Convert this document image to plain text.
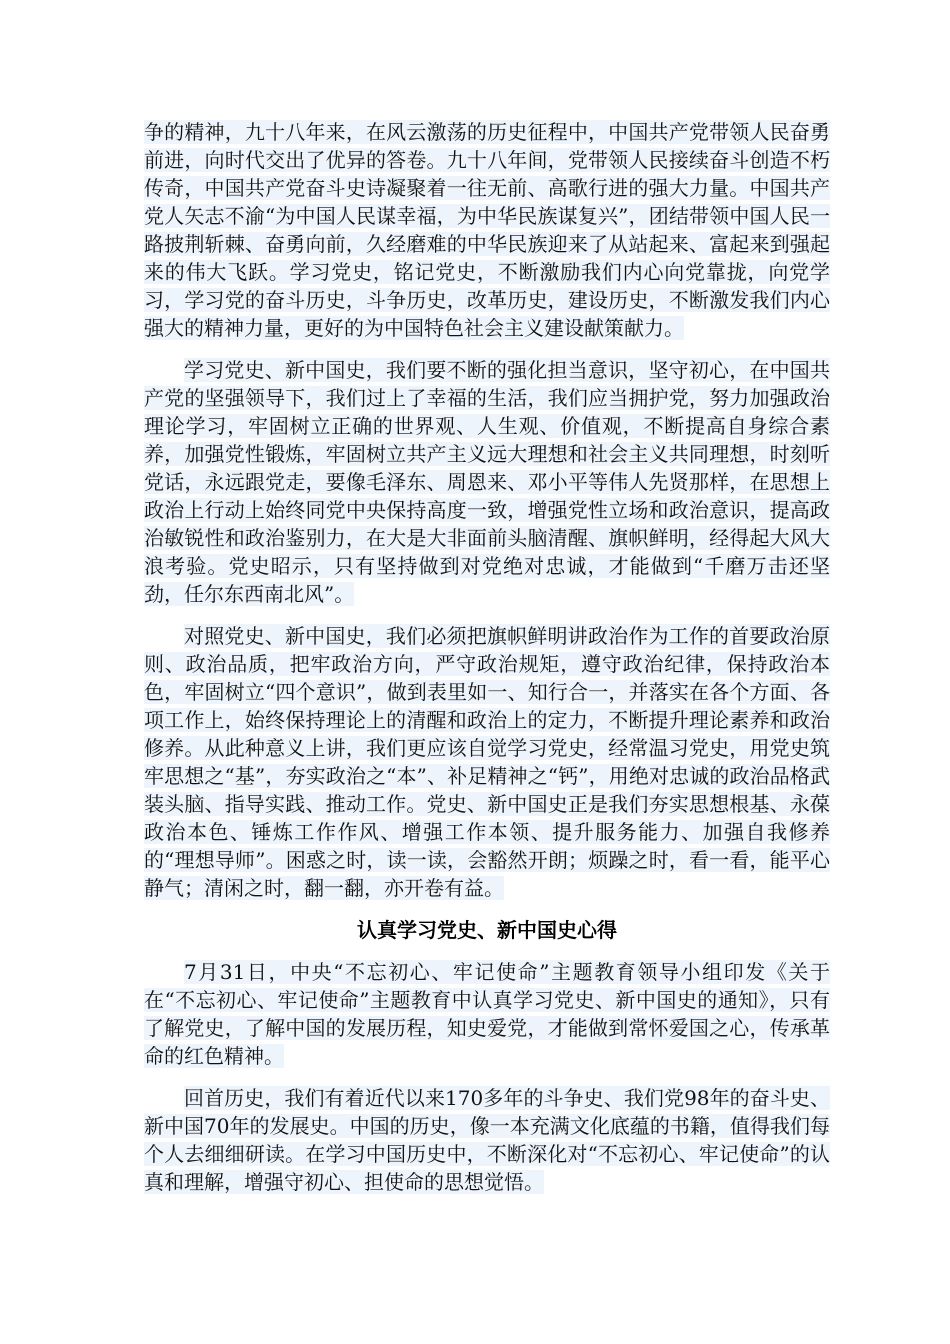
争的精神，九十八年来，在风云激荡的历史征程中，中国共产党带领人民奋勇前进，向时代交出了优异的答卷。九十八年间，党带领人民接续奋斗创造不朽传奇，中国共产党奋斗史诗凝聚着一往无前、高歌行进的强大力量。中国共产党人矢志不渝“为中国人民谋幸福，为中华民族谋复兴”，团结带领中国人民一路披荆斩棘、奋勇向前，久经磨难的中华民族迎来了从站起来、富起来到强起来的伟大飞跃。学习党史，铭记党史，不断激励我们内心向党靠拢，向党学习，学习党的奋斗历史，斗争历史，改革历史，建设历史，不断激发我们内心强大的精神力量，更好的为中国特色社会主义建设献策献力。

学习党史、新中国史，我们要不断的强化担当意识，坚守初心，在中国共产党的坚强领导下，我们过上了幸福的生活，我们应当拥护党，努力加强政治理论学习，牢固树立正确的世界观、人生观、价值观，不断提高自身综合素养，加强党性锻炼，牢固树立共产主义远大理想和社会主义共同理想，时刻听党话，永远跟党走，要像毛泽东、周恩来、邓小平等伟人先贤那样，在思想上政治上行动上始终同党中央保持高度一致，增强党性立场和政治意识，提高政治敏锐性和政治鉴别力，在大是大非面前头脑清醒、旗帜鲜明，经得起大风大浪考验。党史昭示，只有坚持做到对党绝对忠诚，才能做到“千磨万击还坚劲，任尔东西南北风”。

对照党史、新中国史，我们必须把旗帜鲜明讲政治作为工作的首要政治原则、政治品质，把牢政治方向，严守政治规矩，遵守政治纪律，保持政治本色，牢固树立“四个意识”，做到表里如一、知行合一，并落实在各个方面、各项工作上，始终保持理论上的清醒和政治上的定力，不断提升理论素养和政治修养。从此种意义上讲，我们更应该自觉学习党史，经常温习党史，用党史筑牢思想之“基”，夯实政治之“本”、补足精神之“钙”，用绝对忠诚的政治品格武装头脑、指导实践、推动工作。党史、新中国史正是我们夯实思想根基、永葆政治本色、锤炼工作作风、增强工作本领、提升服务能力、加强自我修养的“理想导师”。困惑之时，读一读，会豁然开朗；烦躁之时，看一看，能平心静气；清闲之时，翻一翻，亦开卷有益。

认真学习党史、新中国史心得

7月31日，中央“不忘初心、牢记使命”主题教育领导小组印发《关于在“不忘初心、牢记使命”主题教育中认真学习党史、新中国史的通知》，只有了解党史，了解中国的发展历程，知史爱党，才能做到常怀爱国之心，传承革命的红色精神。

回首历史，我们有着近代以来170多年的斗争史、我们党98年的奋斗史、新中国70年的发展史。中国的历史，像一本充满文化底蕴的书籍，值得我们每个人去细细研读。在学习中国历史中，不断深化对“不忘初心、牢记使命”的认真和理解，增强守初心、担使命的思想觉悟。
